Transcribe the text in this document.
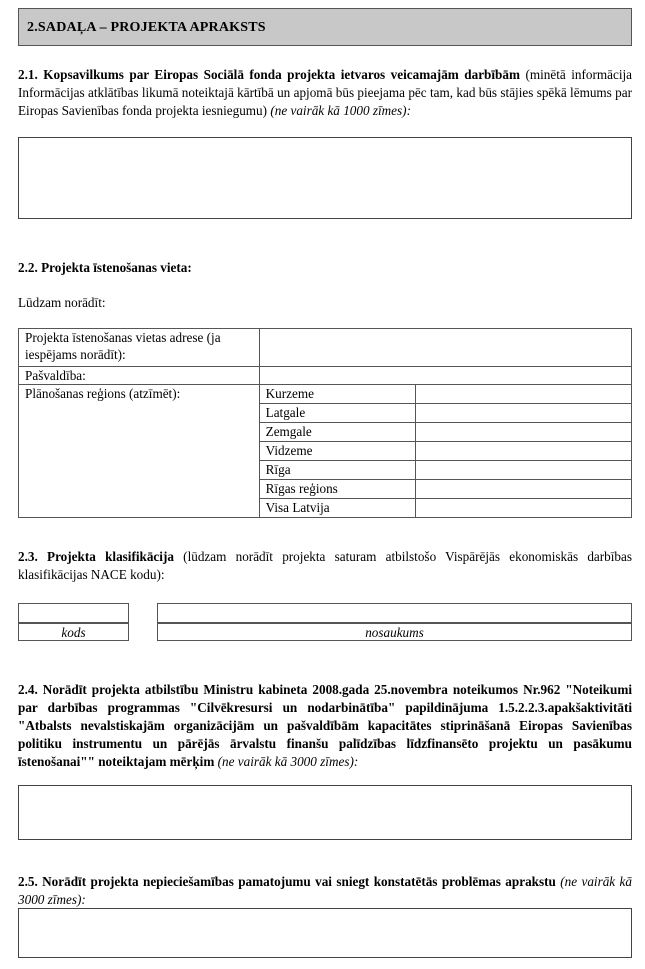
2.SADAĻA – PROJEKTA APRAKSTS
2.1. Kopsavilkums par Eiropas Sociālā fonda projekta ietvaros veicamajām darbībām (minētā informācija Informācijas atklātības likumā noteiktajā kārtībā un apjomā būs pieejama pēc tam, kad būs stājies spēkā lēmums par Eiropas Savienības fonda projekta iesniegumu) (ne vairāk kā 1000 zīmes):
2.2. Projekta īstenošanas vieta:
Lūdzam norādīt:
Projekta īstenošanas vietas adrese (ja iespējams norādīt):		
Pašvaldība:		
Plānošanas reģions (atzīmēt):	Kurzeme	
	Latgale	
	Zemgale	
	Vidzeme	
	Rīga	
	Rīgas reģions	
	Visa Latvija	
2.3. Projekta klasifikācija (lūdzam norādīt projekta saturam atbilstošo Vispārējās ekonomiskās darbības klasifikācijas NACE kodu):
kods	nosaukums
2.4. Norādīt projekta atbilstību Ministru kabineta 2008.gada 25.novembra noteikumos Nr.962 "Noteikumi par darbības programmas "Cilvēkresursi un nodarbinātība" papildinājuma 1.5.2.2.3.apakšaktivitāti "Atbalsts nevalstiskajām organizācijām un pašvaldībām kapacitātes stiprināšanā Eiropas Savienības politiku instrumentu un pārējās ārvalstu finanšu palīdzības līdzfinansēto projektu un pasākumu īstenošanai"" noteiktajam mērķim (ne vairāk kā 3000 zīmes):
2.5. Norādīt projekta nepieciešamības pamatojumu vai sniegt konstatētās problēmas aprakstu (ne vairāk kā 3000 zīmes):
